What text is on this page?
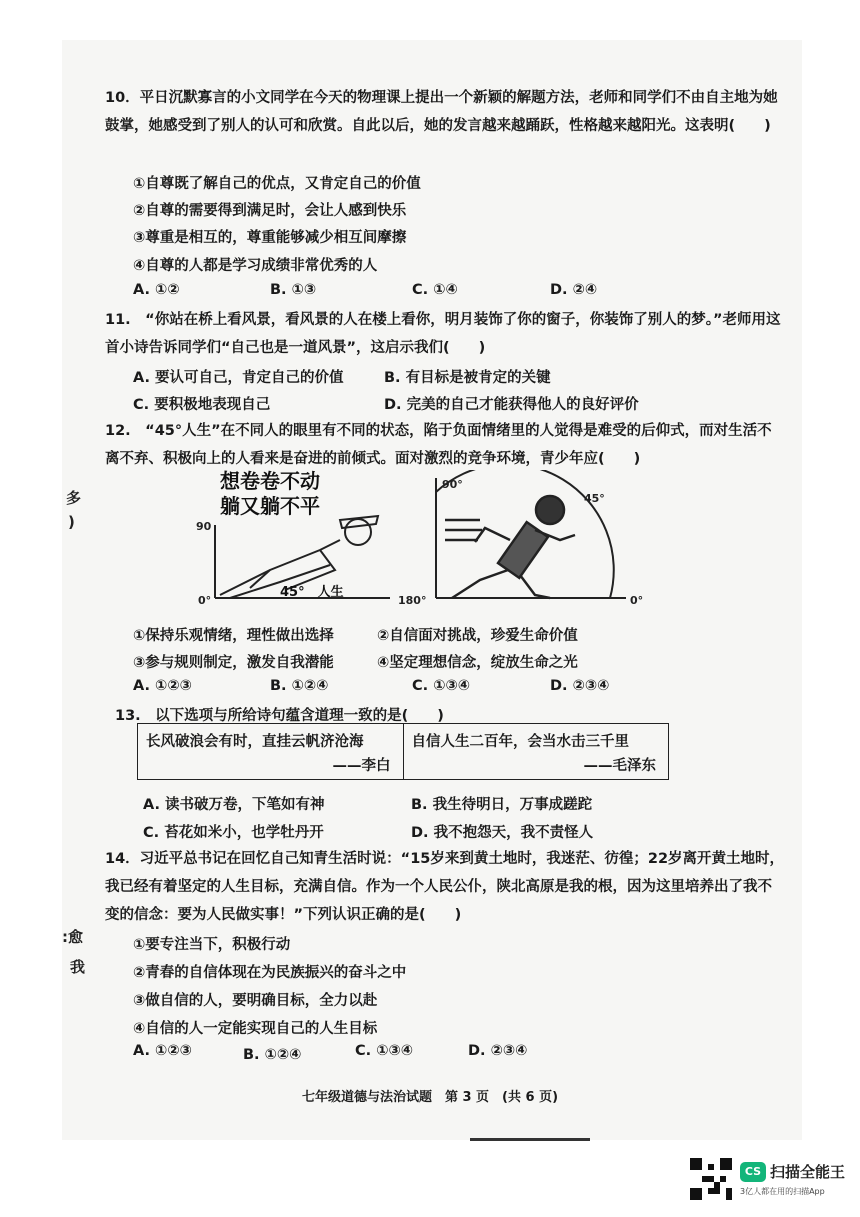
多
)
:愈
我
10．平日沉默寡言的小文同学在今天的物理课上提出一个新颖的解题方法，老师和同学们不由自主地为她鼓掌，她感受到了别人的认可和欣赏。自此以后，她的发言越来越踊跃，性格越来越阳光。这表明(　　)
①自尊既了解自己的优点，又肯定自己的价值
②自尊的需要得到满足时，会让人感到快乐
③尊重是相互的，尊重能够减少相互间摩擦
④自尊的人都是学习成绩非常优秀的人
A. ①②	B. ①③	C. ①④	D. ②④
11.　“你站在桥上看风景，看风景的人在楼上看你，明月装饰了你的窗子，你装饰了别人的梦。”老师用这首小诗告诉同学们“自己也是一道风景”，这启示我们(　　)
A. 要认可自己，肯定自己的价值	B. 有目标是被肯定的关键
C. 要积极地表现自己	D. 完美的自己才能获得他人的良好评价
12.　“45°人生”在不同人的眼里有不同的状态，陷于负面情绪里的人觉得是难受的后仰式，而对生活不离不弃、积极向上的人看来是奋进的前倾式。面对激烈的竞争环境，青少年应(　　)
想卷卷不动
躺又躺不平
90
0°
45°　人生
90°
45°
180°	0°
①保持乐观情绪，理性做出选择	②自信面对挑战，珍爱生命价值
③参与规则制定，激发自我潜能	④坚定理想信念，绽放生命之光
A. ①②③	B. ①②④	C. ①③④	D. ②③④
13.　以下选项与所给诗句蕴含道理一致的是(　　)
长风破浪会有时，直挂云帆济沧海
——李白
自信人生二百年，会当水击三千里
——毛泽东
A. 读书破万卷，下笔如有神	B. 我生待明日，万事成蹉跎
C. 苔花如米小，也学牡丹开	D. 我不抱怨天，我不责怪人
14．习近平总书记在回忆自己知青生活时说：“15岁来到黄土地时，我迷茫、彷徨；22岁离开黄土地时，我已经有着坚定的人生目标，充满自信。作为一个人民公仆，陕北高原是我的根，因为这里培养出了我不变的信念：要为人民做实事！”下列认识正确的是(　　)
①要专注当下，积极行动
②青春的自信体现在为民族振兴的奋斗之中
③做自信的人，要明确目标，全力以赴
④自信的人一定能实现自己的人生目标
A. ①②③	B. ①②④	C. ①③④	D. ②③④
七年级道德与法治试题　第 3 页　(共 6 页)
CS 扫描全能王
3亿人都在用的扫描App
